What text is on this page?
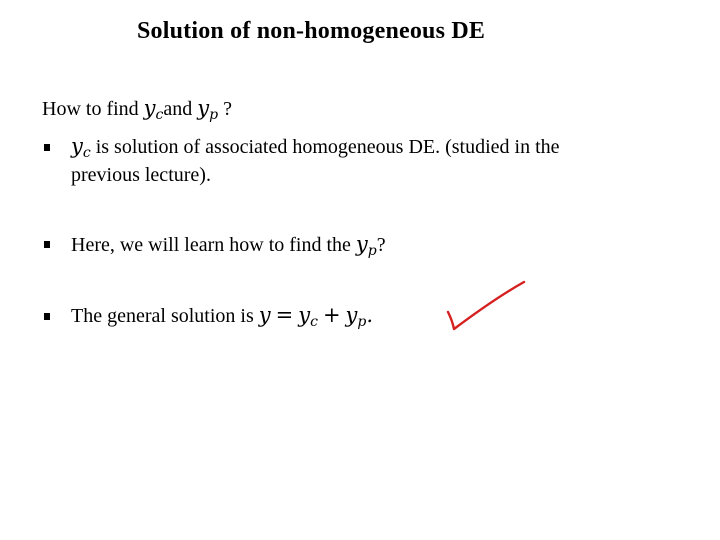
Solution of non-homogeneous DE
How to find $y_cand$ $y_p$ ?
$y_c$ is solution of associated homogeneous DE. (studied in the
previous lecture).
Here, we will learn how to find the $y_p$?
The general solution is $y = y_c + y_p$.
